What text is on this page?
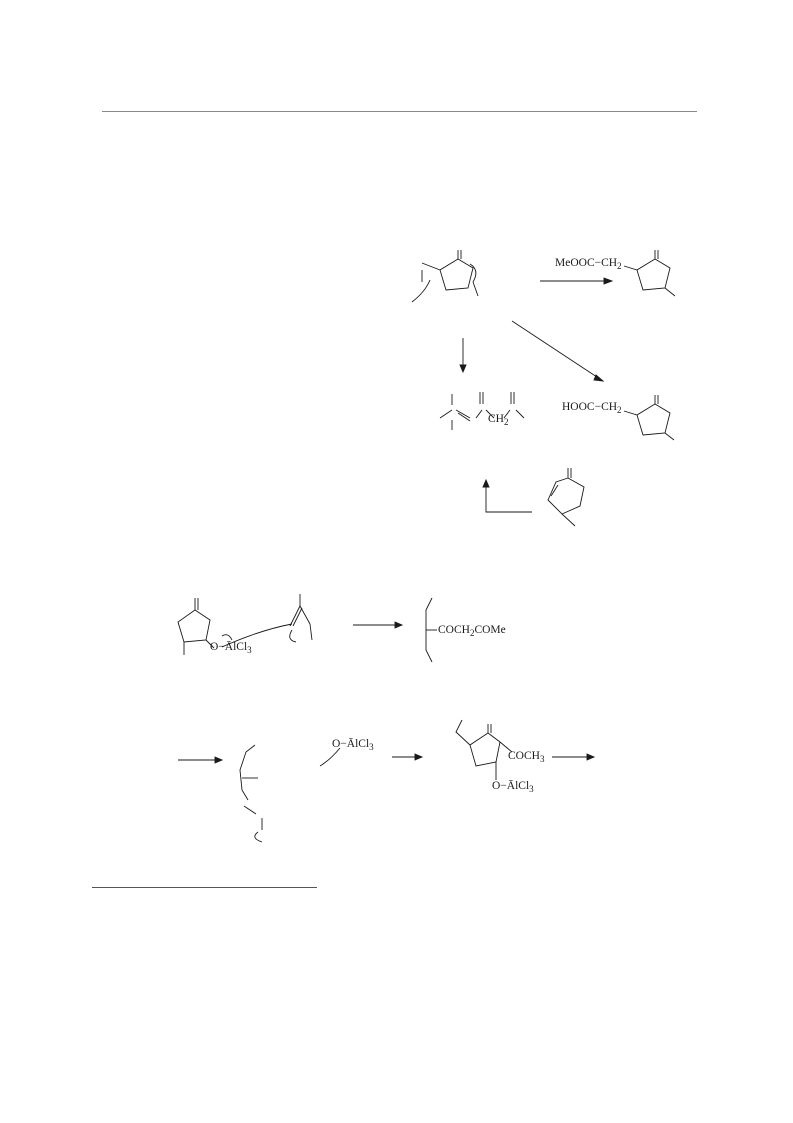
$MeOOC-CH_2$
$CH_2$
$HOOC-CH_2$
O−ĀlCl$_3$
$COCH_2COMe$
O−ĀlCl$_3$
$COCH_3$
O−ĀlCl$_3$
